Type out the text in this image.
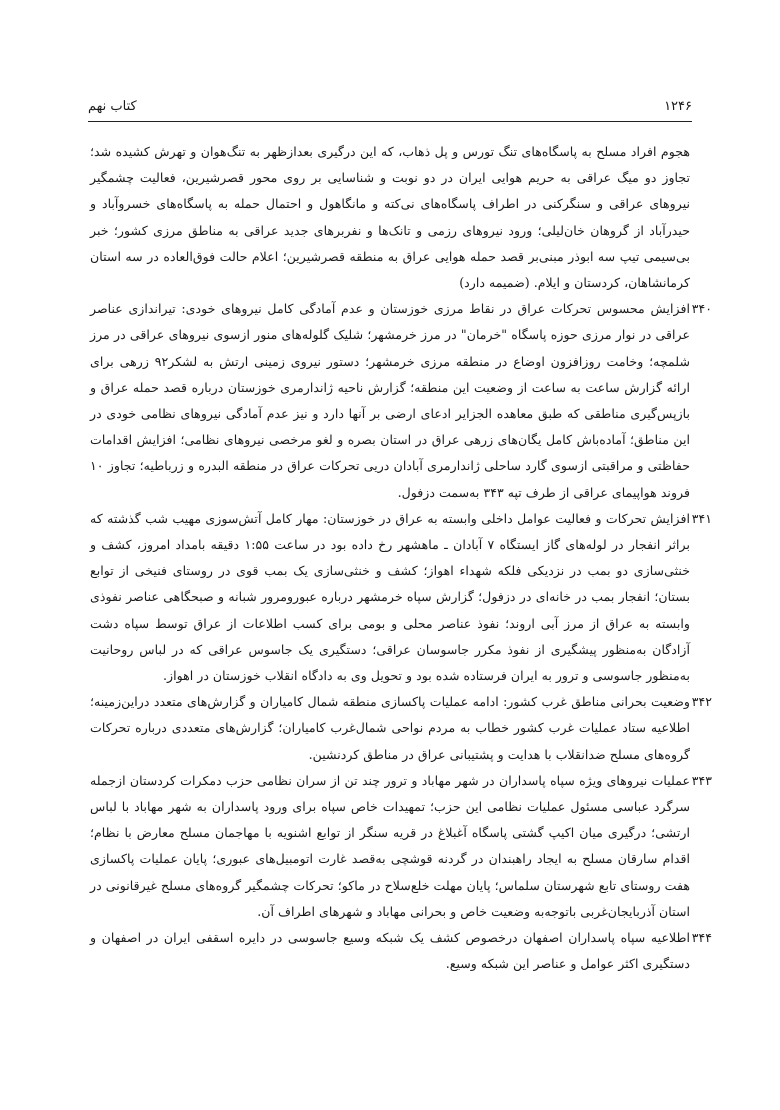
۱۲۴۶
کتاب نهم
هجوم افراد مسلح به پاسگاه‌های تنگ تورس و پل ذهاب، که این درگیری بعدازظهر به تنگ‌هوان و تهرش کشیده شد؛ تجاوز دو میگ عراقی به حریم هوایی ایران در دو نوبت و شناسایی بر روی محور قصرشیرین، فعالیت چشمگیر نیروهای عراقی و سنگرکنی در اطراف پاسگاه‌های نی‌کته و مانگاهول و احتمال حمله به پاسگاه‌های خسروآباد و حیدرآباد از گروهان خان‌لیلی؛ ورود نیروهای رزمی و تانک‌ها و نفربرهای جدید عراقی به مناطق مرزی کشور؛ خبر بی‌سیمی تیپ سه ابوذر مبنی‌بر قصد حمله هوایی عراق به منطقه قصرشیرین؛ اعلام حالت فوق‌العاده در سه استان کرمانشاهان، کردستان و ایلام. (ضمیمه دارد)
۳۴۰
افزایش محسوس تحرکات عراق در نقاط مرزی خوزستان و عدم آمادگی کامل نیروهای خودی: تیراندازی عناصر عراقی در نوار مرزی حوزه پاسگاه "خرمان" در مرز خرمشهر؛ شلیک گلوله‌های منور ازسوی نیروهای عراقی در مرز شلمچه؛ وخامت روزافزون اوضاع در منطقه مرزی خرمشهر؛ دستور نیروی زمینی ارتش به لشکر۹۲ زرهی برای ارائه گزارش ساعت به ساعت از وضعیت این منطقه؛ گزارش ناحیه ژاندارمری خوزستان درباره قصد حمله عراق و بازپس‌گیری مناطقی که طبق معاهده الجزایر ادعای ارضی بر آنها دارد و نیز عدم آمادگی نیروهای نظامی خودی در این مناطق؛ آماده‌باش کامل یگان‌های زرهی عراق در استان بصره و لغو مرخصی نیروهای نظامی؛ افزایش اقدامات حفاظتی و مراقبتی ازسوی گارد ساحلی ژاندارمری آبادان دریی تحرکات عراق در منطقه البدره و زرباطیه؛ تجاوز ۱۰ فروند هواپیمای عراقی از طرف تپه ۳۴۳ به‌سمت دزفول.
۳۴۱
افزایش تحرکات و فعالیت عوامل داخلی وابسته به عراق در خوزستان: مهار کامل آتش‌سوزی مهیب شب گذشته که براثر انفجار در لوله‌های گاز ایستگاه ۷ آبادان ـ ماهشهر رخ داده بود در ساعت ۱:۵۵ دقیقه بامداد امروز، کشف و خنثی‌سازی دو بمب در نزدیکی فلکه شهداء اهواز؛ کشف و خنثی‌سازی یک بمب قوی در روستای فنیخی از توابع بستان؛ انفجار بمب در خانه‌ای در دزفول؛ گزارش سپاه خرمشهر درباره عبورومرور شبانه و صبحگاهی عناصر نفوذی وابسته به عراق از مرز آبی اروند؛ نفوذ عناصر محلی و بومی برای کسب اطلاعات از عراق توسط سپاه دشت آزادگان به‌منظور پیشگیری از نفوذ مکرر جاسوسان عراقی؛ دستگیری یک جاسوس عراقی که در لباس روحانیت به‌منظور جاسوسی و ترور به ایران فرستاده شده بود و تحویل وی به دادگاه انقلاب خوزستان در اهواز.
۳۴۲
وضعیت بحرانی مناطق غرب کشور: ادامه عملیات پاکسازی منطقه شمال کامیاران و گزارش‌های متعدد دراین‌زمینه؛ اطلاعیه ستاد عملیات غرب کشور خطاب به مردم نواحی شمال‌غرب کامیاران؛ گزارش‌های متعددی درباره تحرکات گروه‌های مسلح ضدانقلاب با هدایت و پشتیبانی عراق در مناطق کردنشین.
۳۴۳
عملیات نیروهای ویژه سپاه پاسداران در شهر مهاباد و ترور چند تن از سران نظامی حزب دمکرات کردستان ازجمله سرگرد عباسی مسئول عملیات نظامی این حزب؛ تمهیدات خاص سپاه برای ورود پاسداران به شهر مهاباد با لباس ارتشی؛ درگیری میان اکیپ گشتی پاسگاه آغبلاغ در قریه سنگر از توابع اشنویه با مهاجمان مسلح معارض با نظام؛ اقدام سارقان مسلح به ایجاد راهبندان در گردنه قوشچی به‌قصد غارت اتومبیل‌های عبوری؛ پایان عملیات پاکسازی هفت روستای تابع شهرستان سلماس؛ پایان مهلت خلع‌سلاح در ماکو؛ تحرکات چشمگیر گروه‌های مسلح غیرقانونی در استان آذربایجان‌غربی باتوجه‌به وضعیت خاص و بحرانی مهاباد و شهرهای اطراف آن.
۳۴۴
اطلاعیه سپاه پاسداران اصفهان درخصوص کشف یک شبکه وسیع جاسوسی در دایره اسقفی ایران در اصفهان و دستگیری اکثر عوامل و عناصر این شبکه وسیع.
